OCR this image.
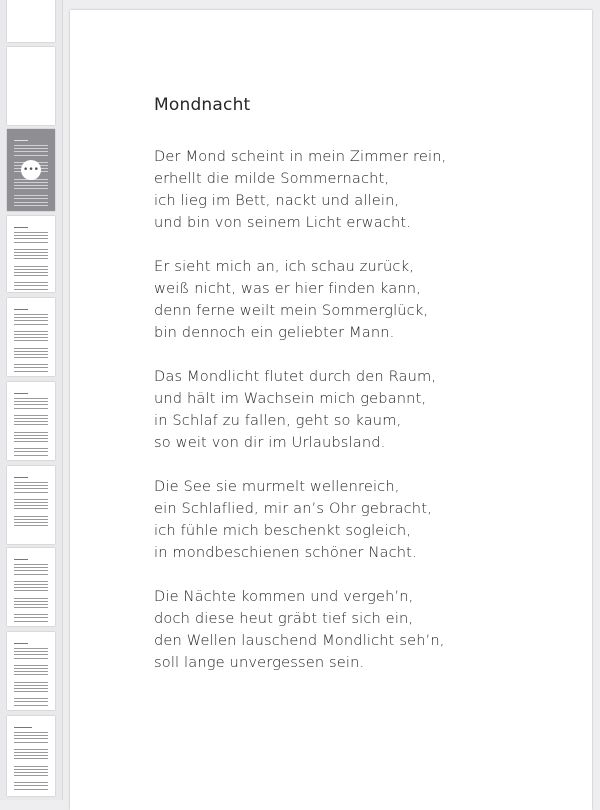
•••
Mondnacht
Der Mond scheint in mein Zimmer rein,
erhellt die milde Sommernacht,
ich lieg im Bett, nackt und allein,
und bin von seinem Licht erwacht.
Er sieht mich an, ich schau zurück,
weiß nicht, was er hier finden kann,
denn ferne weilt mein Sommerglück,
bin dennoch ein geliebter Mann.
Das Mondlicht flutet durch den Raum,
und hält im Wachsein mich gebannt,
in Schlaf zu fallen, geht so kaum,
so weit von dir im Urlaubsland.
Die See sie murmelt wellenreich,
ein Schlaflied, mir an’s Ohr gebracht,
ich fühle mich beschenkt sogleich,
in mondbeschienen schöner Nacht.
Die Nächte kommen und vergeh’n,
doch diese heut gräbt tief sich ein,
den Wellen lauschend Mondlicht seh’n,
soll lange unvergessen sein.
